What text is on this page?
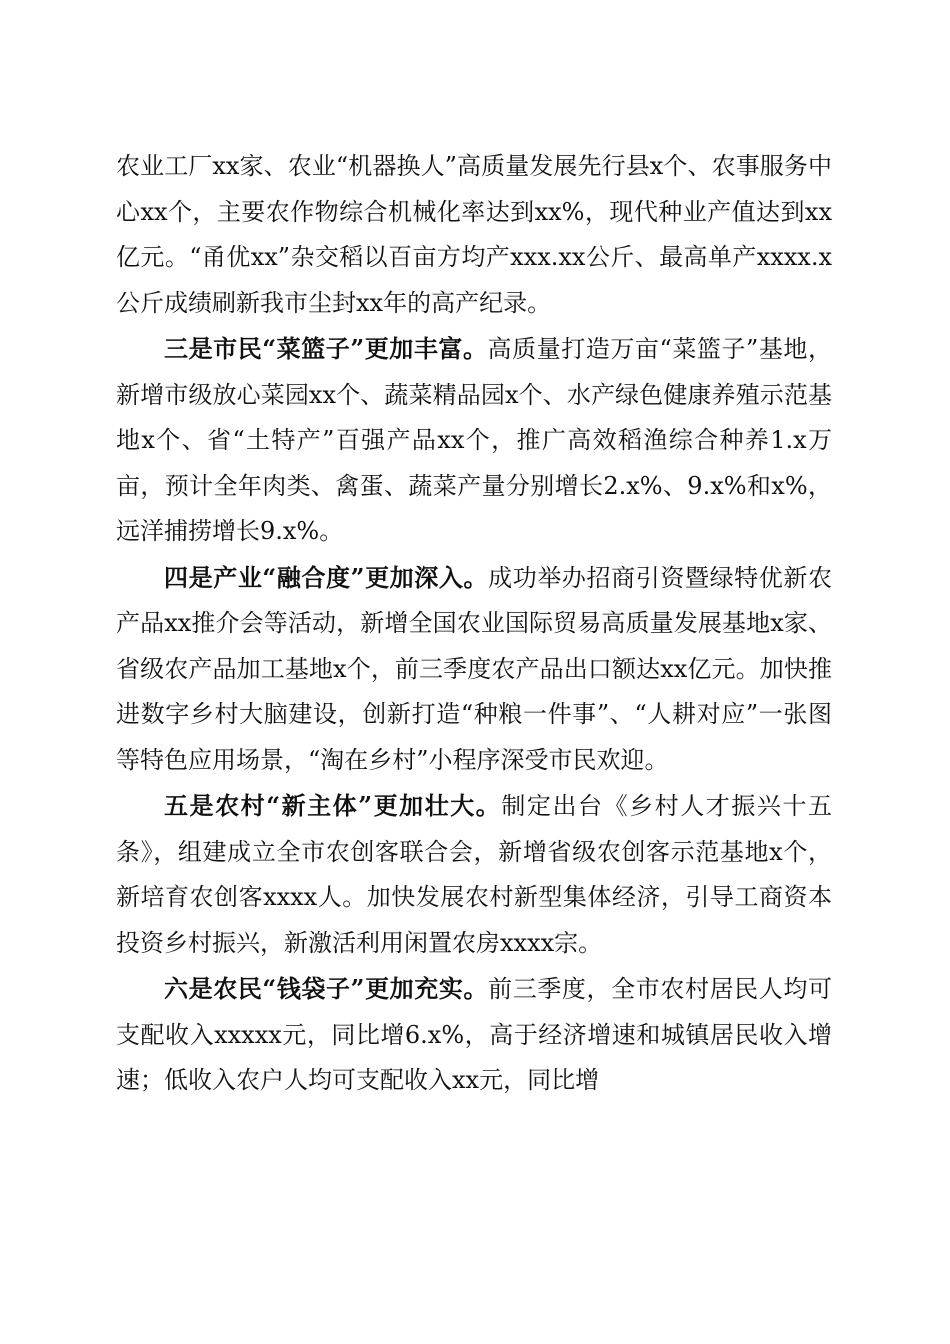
农业工厂xx家、农业“机器换人”高质量发展先行县x个、农事服务中心xx个，主要农作物综合机械化率达到xx%，现代种业产值达到xx亿元。“甬优xx”杂交稻以百亩方均产xxx.xx公斤、最高单产xxxx.x公斤成绩刷新我市尘封xx年的高产纪录。

三是市民“菜篮子”更加丰富。高质量打造万亩“菜篮子”基地，新增市级放心菜园xx个、蔬菜精品园x个、水产绿色健康养殖示范基地x个、省“土特产”百强产品xx个，推广高效稻渔综合种养1.x万亩，预计全年肉类、禽蛋、蔬菜产量分别增长2.x%、9.x%和x%，远洋捕捞增长9.x%。

四是产业“融合度”更加深入。成功举办招商引资暨绿特优新农产品xx推介会等活动，新增全国农业国际贸易高质量发展基地x家、省级农产品加工基地x个，前三季度农产品出口额达xx亿元。加快推进数字乡村大脑建设，创新打造“种粮一件事”、“人耕对应”一张图等特色应用场景，“淘在乡村”小程序深受市民欢迎。

五是农村“新主体”更加壮大。制定出台《乡村人才振兴十五条》，组建成立全市农创客联合会，新增省级农创客示范基地x个，新培育农创客xxxx人。加快发展农村新型集体经济，引导工商资本投资乡村振兴，新激活利用闲置农房xxxx宗。

六是农民“钱袋子”更加充实。前三季度，全市农村居民人均可支配收入xxxxx元，同比增6.x%，高于经济增速和城镇居民收入增速；低收入农户人均可支配收入xx元，同比增
